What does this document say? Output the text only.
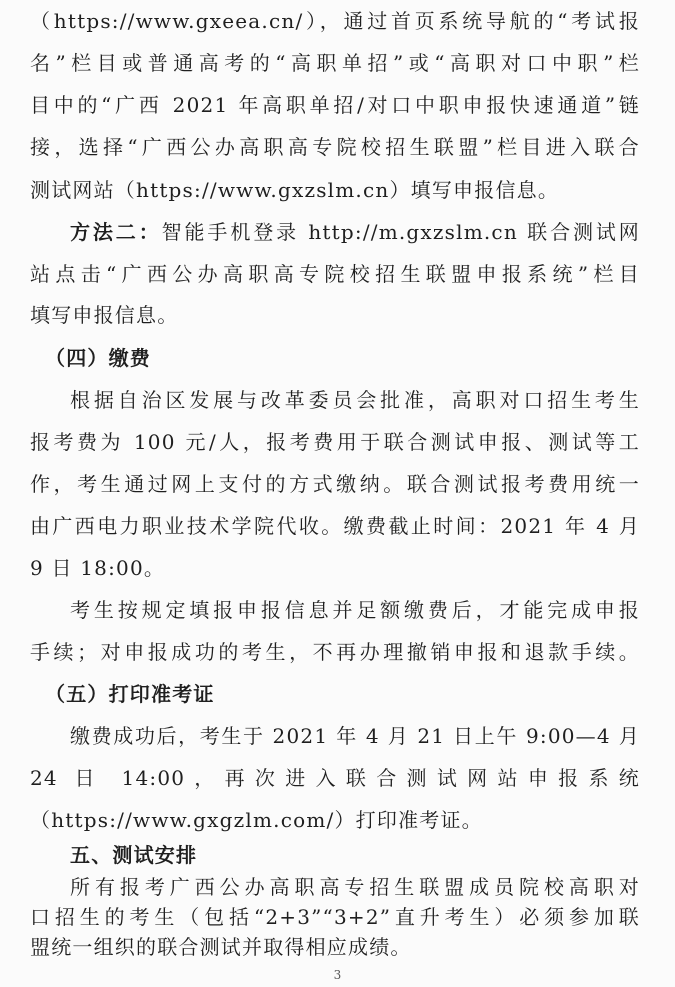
（https://www.gxeea.cn/），通过首页系统导航的“考试报
名”栏目或普通高考的“高职单招”或“高职对口中职”栏
目中的“广西 2021 年高职单招/对口中职申报快速通道”链
接，选择“广西公办高职高专院校招生联盟”栏目进入联合
测试网站（https://www.gxzslm.cn）填写申报信息。
方法二：智能手机登录 http://m.gxzslm.cn 联合测试网
站点击“广西公办高职高专院校招生联盟申报系统”栏目
填写申报信息。
（四）缴费
根据自治区发展与改革委员会批准，高职对口招生考生
报考费为 100 元/人，报考费用于联合测试申报、测试等工
作，考生通过网上支付的方式缴纳。联合测试报考费用统一
由广西电力职业技术学院代收。缴费截止时间：2021 年 4 月
9 日 18:00。
考生按规定填报申报信息并足额缴费后，才能完成申报
手续；对申报成功的考生，不再办理撤销申报和退款手续。
（五）打印准考证
缴费成功后，考生于 2021 年 4 月 21 日上午 9:00—4 月
24 日 14:00，再次进入联合测试网站申报系统
（https://www.gxgzlm.com/）打印准考证。
五、测试安排
所有报考广西公办高职高专招生联盟成员院校高职对
口招生的考生（包括“2+3”“3+2”直升考生）必须参加联
3
盟统一组织的联合测试并取得相应成绩。
